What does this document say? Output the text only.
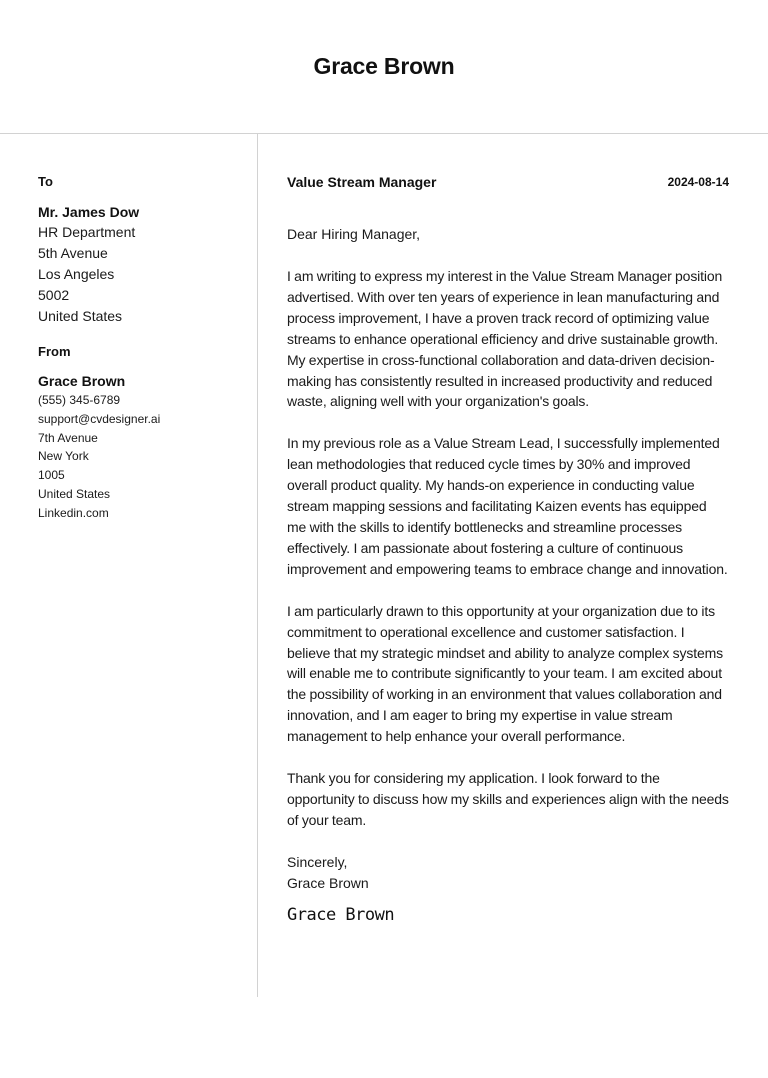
Grace Brown
To
Mr. James Dow
HR Department
5th Avenue
Los Angeles
5002
United States
From
Grace Brown
(555) 345-6789
support@cvdesigner.ai
7th Avenue
New York
1005
United States
Linkedin.com
Value Stream Manager	2024-08-14
Dear Hiring Manager,
I am writing to express my interest in the Value Stream Manager position advertised. With over ten years of experience in lean manufacturing and process improvement, I have a proven track record of optimizing value streams to enhance operational efficiency and drive sustainable growth. My expertise in cross-functional collaboration and data-driven decision-making has consistently resulted in increased productivity and reduced waste, aligning well with your organization's goals.
In my previous role as a Value Stream Lead, I successfully implemented lean methodologies that reduced cycle times by 30% and improved overall product quality. My hands-on experience in conducting value stream mapping sessions and facilitating Kaizen events has equipped me with the skills to identify bottlenecks and streamline processes effectively. I am passionate about fostering a culture of continuous improvement and empowering teams to embrace change and innovation.
I am particularly drawn to this opportunity at your organization due to its commitment to operational excellence and customer satisfaction. I believe that my strategic mindset and ability to analyze complex systems will enable me to contribute significantly to your team. I am excited about the possibility of working in an environment that values collaboration and innovation, and I am eager to bring my expertise in value stream management to help enhance your overall performance.
Thank you for considering my application. I look forward to the opportunity to discuss how my skills and experiences align with the needs of your team.
Sincerely,
Grace Brown
Grace Brown
